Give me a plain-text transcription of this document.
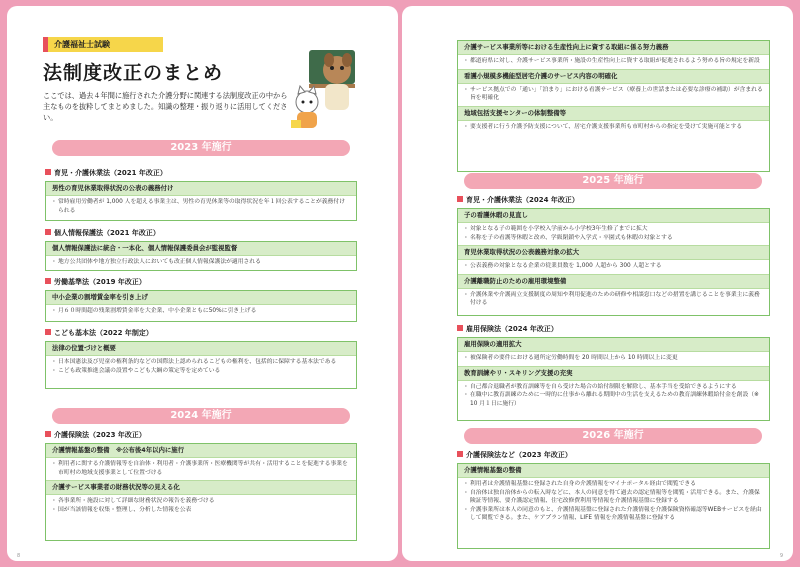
介護福祉士試験
法制度改正のまとめ
ここでは、過去４年間に施行された介護分野に関連する法制度改正の中から主なものを抜粋してまとめました。知識の整理・振り返りに活用してください。
2023 年施行
育児・介護休業法（2021 年改正）
男性の育児休業取得状況の公表の義務付け

・ 常時雇用労働者が 1,000 人を超える事業主は、男性の育児休業等の取得状況を年１回公表することが義務付けられる

個人情報保護法（2021 年改正）
個人情報保護法に統合・一本化、個人情報保護委員会が監視監督

・ 地方公共団体や地方独立行政法人においても改正個人情報保護法が適用される

労働基準法（2019 年改正）
中小企業の割増賃金率を引き上げ

・ 月６０時間超の残業割増賃金率を大企業、中小企業ともに50%に引き上げる

こども基本法（2022 年制定）
法律の位置づけと概要

・ 日本国憲法及び児童の権利条約などの国際法上認められるこどもの権利を、包括的に保障する基本法である

・ こども政策推進会議の設置やこども大綱の策定等を定めている

2024 年施行
介護保険法（2023 年改正）
介護情報基盤の整備　※公布後4年以内に施行

・ 利用者に関する介護情報等を自治体・利用者・介護事業所・医療機関等が共有・活用することを促進する事業を市町村の地域支援事業として位置づける

介護サービス事業者の財務状況等の見える化

・ 各事業所・施設に対して詳細な財務状況の報告を義務づける

・ 国が当該情報を収集・整理し、分析した情報を公表

8
介護サービス事業所等における生産性向上に資する取組に係る努力義務

・ 都道府県に対し、介護サービス事業所・施設の生産性向上に資する取組が促進されるよう努める旨の規定を新設

看護小規模多機能型居宅介護のサービス内容の明確化

・ サービス拠点での「通い」「泊まり」における看護サービス（療養上の世話または必要な診療の補助）が含まれる旨を明確化

地域包括支援センターの体制整備等

・ 要支援者に行う介護予防支援について、居宅介護支援事業所も市町村からの指定を受けて実施可能とする

2025 年施行
育児・介護休業法（2024 年改正）
子の看護休暇の見直し

・ 対象となる子の範囲を小学校入学前から小学校3年生修了までに拡大

・ 名称を子の看護等休暇と改め、学級閉鎖や入学式・卒園式も休暇の対象とする

育児休業取得状況の公表義務対象の拡大

・ 公表義務の対象となる企業の従業員数を 1,000 人超から 300 人超とする

介護離職防止のための雇用環境整備

・ 介護休業や介護両立支援制度の周知や利用促進のための研修や相談窓口などの措置を講じることを事業主に義務付ける

雇用保険法（2024 年改正）
雇用保険の適用拡大

・ 被保険者の要件における週所定労働時間を 20 時間以上から 10 時間以上に変更

教育訓練やリ・スキリング支援の充実

・ 自己都合退職者が教育訓練等を自ら受けた場合の給付制限を解除し、基本手当を受給できるようにする

・ 在職中に教育訓練のために一時的に仕事から離れる期間中の生活を支えるための教育訓練休暇給付金を創設（※ 10 月１日に施行）

2026 年施行
介護保険法など（2023 年改正）
介護情報基盤の整備

・ 利用者は介護情報基盤に登録された自身の介護情報をマイナポータル経由で閲覧できる

・ 自治体は独自治体からの転入時などに、本人の同意を得て過去の認定情報等を閲覧・活用できる。また、介護保険証等情報、要介護認定情報、住宅改修費利用等情報を介護情報基盤に登録する

・ 介護事業所は本人の同意のもと、介護情報基盤に登録された介護情報を介護保険資格確認等WEBサービスを経由して閲覧できる。また、ケアプラン情報、LIFE 情報を介護情報基盤に登録する

9
